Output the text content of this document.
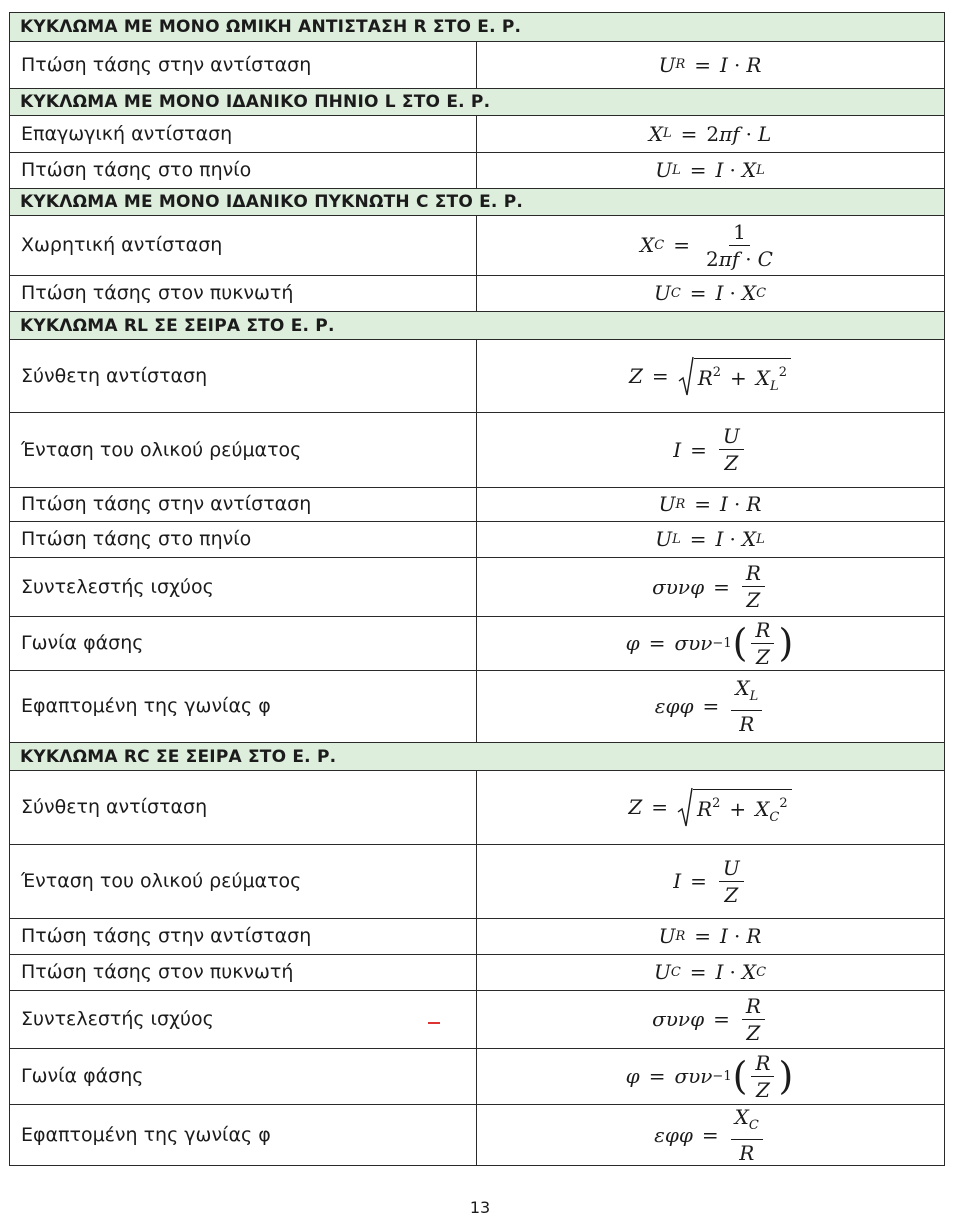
ΚΥΚΛΩΜΑ ΜΕ ΜΟΝΟ ΩΜΙΚΗ ΑΝΤΙΣΤΑΣΗ R ΣΤΟ Ε. Ρ.
Πτώση τάσης στην αντίσταση	U R = I · R
ΚΥΚΛΩΜΑ ΜΕ ΜΟΝΟ ΙΔΑΝΙΚΟ ΠΗΝΙΟ L ΣΤΟ Ε. Ρ.
Επαγωγική αντίσταση	X L = 2 πf · L
Πτώση τάσης στο πηνίο	U L = I · X L
ΚΥΚΛΩΜΑ ΜΕ ΜΟΝΟ ΙΔΑΝΙΚΟ ΠΥΚΝΩΤΗ C ΣΤΟ Ε. Ρ.
Χωρητική αντίσταση	X $C = \frac{1}{2\pi f \cdot C}$
Πτώση τάσης στον πυκνωτή	U C = I · X C
ΚΥΚΛΩΜΑ RL ΣΕ ΣΕΙΡΑ ΣΤΟ Ε. Ρ.
Σύνθετη αντίσταση	$Z = R^2 + X_L^2$
Ένταση του ολικού ρεύματος	$I = \frac{U}{Z}$
Πτώση τάσης στην αντίσταση	U R = I · R
Πτώση τάσης στο πηνίο	U L = I · X L
Συντελεστής ισχύος	$\sigma\upsilon\nu\varphi = \frac{R}{Z}$
Γωνία φάσης	φ = συν −1 ( $\frac{R}{Z}$ )
Εφαπτομένη της γωνίας φ	$\varepsilon\varphi\varphi = \frac{X_L}{R}$
ΚΥΚΛΩΜΑ RC ΣΕ ΣΕΙΡΑ ΣΤΟ Ε. Ρ.
Σύνθετη αντίσταση	$Z = R^2 + X_C^2$
Ένταση του ολικού ρεύματος	$I = \frac{U}{Z}$
Πτώση τάσης στην αντίσταση	U R = I · R
Πτώση τάσης στον πυκνωτή	U C = I · X C
Συντελεστής ισχύος	$\sigma\upsilon\nu\varphi = \frac{R}{Z}$
Γωνία φάσης	φ = συν −1 ( $\frac{R}{Z}$ )
Εφαπτομένη της γωνίας φ	$\varepsilon\varphi\varphi = \frac{X_C}{R}$
13
